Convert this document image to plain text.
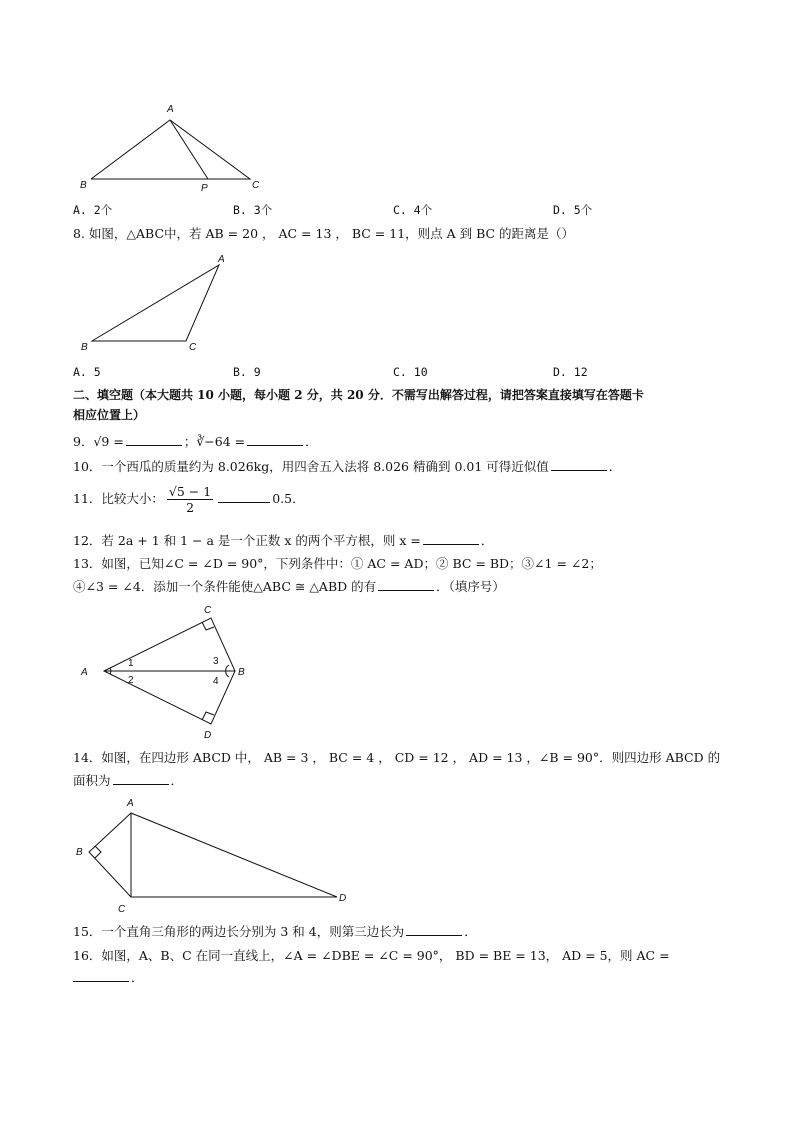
A
B	P	C
A. 2个	B. 3个	C. 4个	D. 5个
8. 如图，△ABC中，若 AB = 20 ， AC = 13 ， BC = 11，则点 A 到 BC 的距离是（）
A
B	C
A. 5	B. 9	C. 10	D. 12
二、填空题（本大题共 10 小题，每小题 2 分，共 20 分．不需写出解答过程，请把答案直接填写在答题卡
相应位置上）
9．√9 =	；∛−64 =	．
10．一个西瓜的质量约为 8.026kg，用四舍五入法将 8.026 精确到 0.01 可得近似值	．
11．比较大小： $\frac{√5 - 1}{2}$	0.5．
12．若 2a + 1 和 1 − a 是一个正数 x 的两个平方根，则 x =	．
13．如图，已知∠C = ∠D = 90°，下列条件中：① AC = AD；② BC = BD；③∠1 = ∠2；
④∠3 = ∠4．添加一个条件能使△ABC ≅ △ABD 的有	．（填序号）
A
C
B
D
1
2
3
4
14．如图，在四边形 ABCD 中， AB = 3 ， BC = 4 ， CD = 12 ， AD = 13 ，∠B = 90°．则四边形 ABCD 的
面积为	．
A
B
C
D
15．一个直角三角形的两边长分别为 3 和 4，则第三边长为	．
16．如图，A、B、C 在同一直线上，∠A = ∠DBE = ∠C = 90°， BD = BE = 13， AD = 5，则 AC =
．
